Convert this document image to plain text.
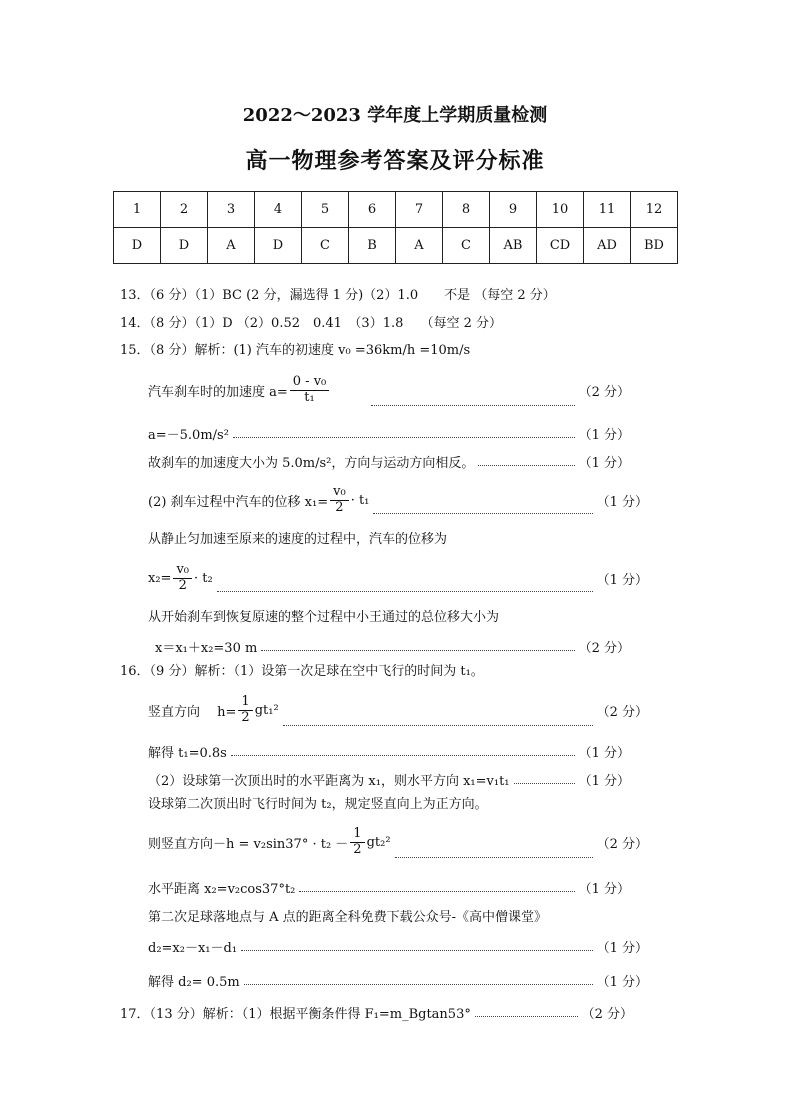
2022～2023 学年度上学期质量检测
高一物理参考答案及评分标准
1	2	3	4	5	6	7	8	9	10	11	12
D	D	A	D	C	B	A	C	AB	CD	AD	BD
13．（6 分）（1）BC (2 分，漏选得 1 分)（2）1.0　　不是 （每空 2 分）
14．（8 分）（1）D （2）0.52　0.41　（3）1.8　 （每空 2 分）
15．（8 分）解析：(1) 汽车的初速度 v₀ =36km/h =10m/s
汽车刹车时的加速度 $a= \frac{\text{0 - v₀}}{\text{t₁}}$	（2 分）
a=－5.0m/s²	（1 分）
故刹车的加速度大小为 5.0m/s²，方向与运动方向相反。	（1 分）
(2) 刹车过程中汽车的位移 $x_1= \frac{\text{v₀}}{2} \cdot t_1$	（1 分）
从静止匀加速至原来的速度的过程中，汽车的位移为
$x_2= \frac{\text{v₀}}{2} \cdot t_2$	（1 分）
从开始刹车到恢复原速的整个过程中小王通过的总位移大小为
x＝x₁＋x₂=30 m	（2 分）
16．（9 分）解析：（1）设第一次足球在空中飞行的时间为 t₁。
竖直方向　 $h= \frac{1}{2} gt_1^2$	（2 分）
解得 t₁=0.8s	（1 分）
（2）设球第一次顶出时的水平距离为 x₁，则水平方向 x₁=v₁t₁	（1 分）
设球第二次顶出时飞行时间为 t₂，规定竖直向上为正方向。
则竖直方向$-h = v_2\sin 37^\circ \cdot t_2 - \frac{1}{2} gt_2^2$	（2 分）
水平距离 x₂=v₂cos37°t₂	（1 分）
第二次足球落地点与 A 点的距离全科免费下载公众号-《高中僧课堂》
d₂=x₂－x₁－d₁	（1 分）
解得 d₂= 0.5m	（1 分）
17．（13 分）解析：（1）根据平衡条件得 F₁=m_Bgtan53°	（2 分）
